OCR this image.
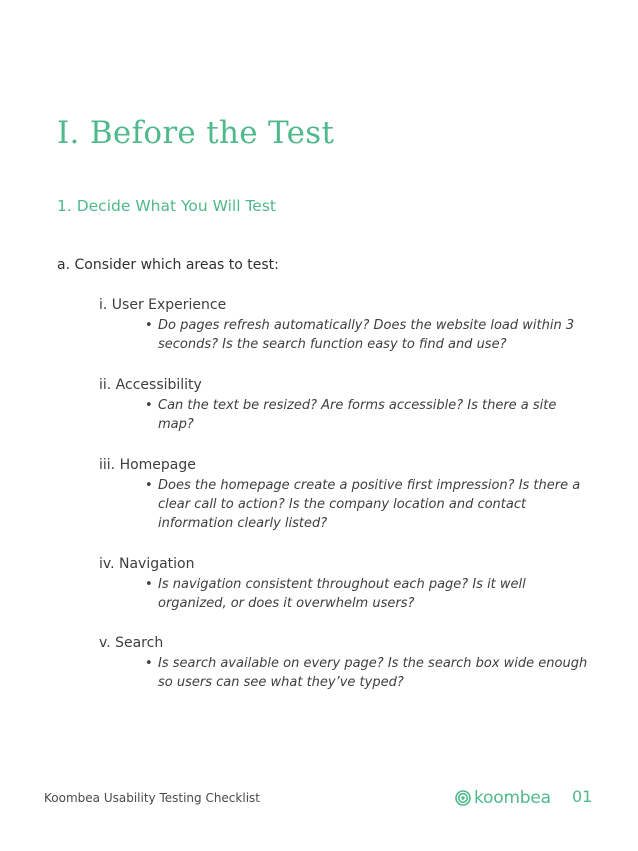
I. Before the Test
1. Decide What You Will Test
a. Consider which areas to test:
i. User Experience
• Do pages refresh automatically? Does the website load within 3 seconds? Is the search function easy to find and use?
ii. Accessibility
• Can the text be resized? Are forms accessible? Is there a site map?
iii. Homepage
• Does the homepage create a positive first impression? Is there a clear call to action? Is the company location and contact information clearly listed?
iv. Navigation
• Is navigation consistent throughout each page? Is it well organized, or does it overwhelm users?
v. Search
• Is search available on every page? Is the search box wide enough so users can see what they’ve typed?
Koombea Usability Testing Checklist	koombea 01
